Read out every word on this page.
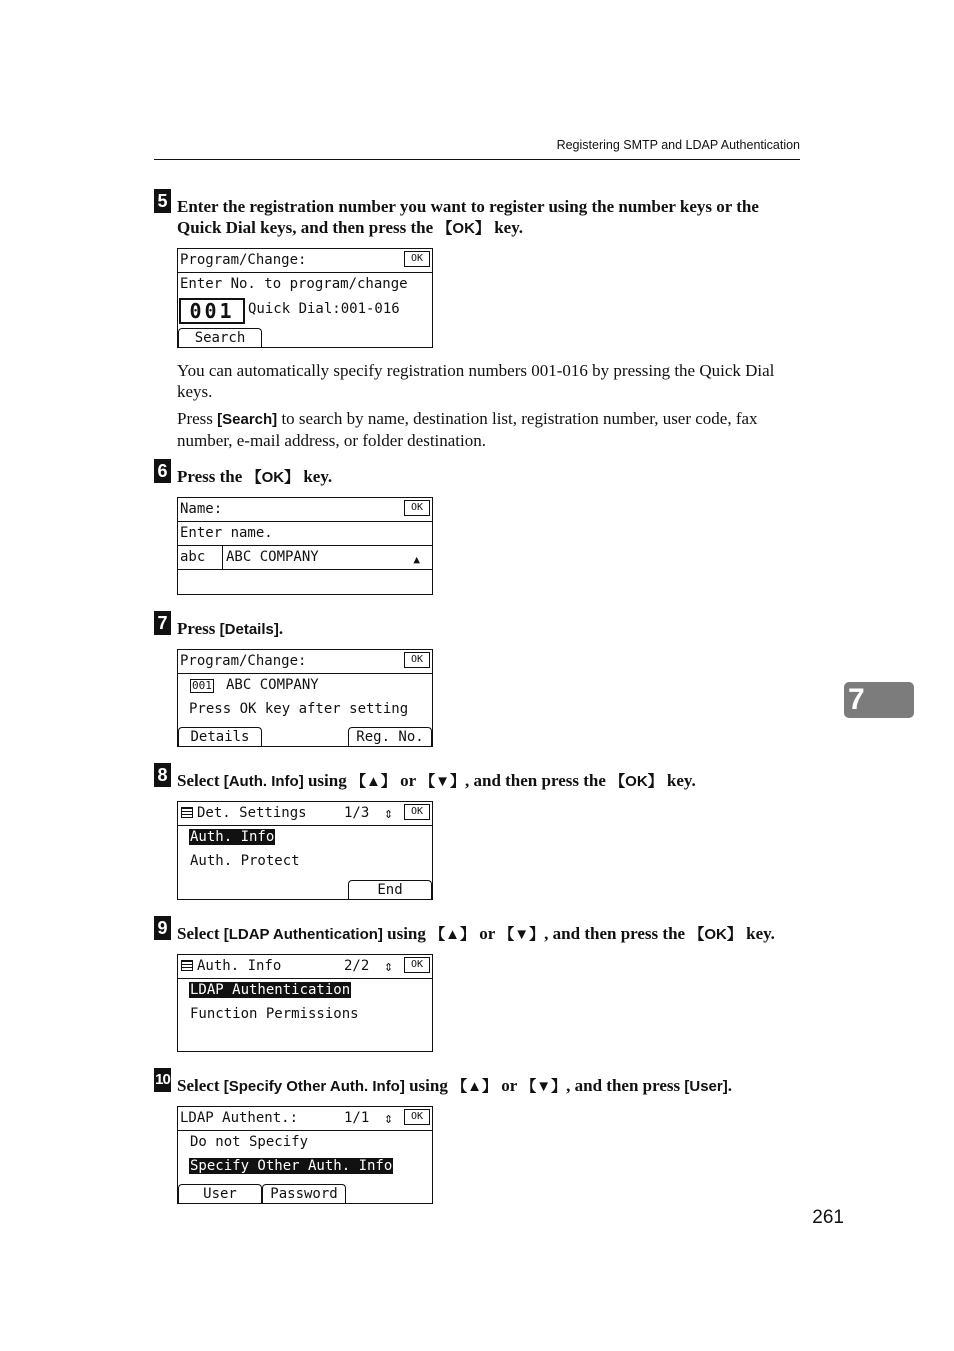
Registering SMTP and LDAP Authentication
5 Enter the registration number you want to register using the number keys or the Quick Dial keys, and then press the 【OK】 key.
Program/Change:	OK
Enter No. to program/change
001 Quick Dial:001-016
Search
You can automatically specify registration numbers 001-016 by pressing the Quick Dial keys.
Press [Search] to search by name, destination list, registration number, user code, fax number, e-mail address, or folder destination.
6 Press the 【OK】 key.
Name:	OK
Enter name.
abc	ABC COMPANY	▲
7 Press [Details].
Program/Change:	OK
001 ABC COMPANY
Press OK key after setting
Details	Reg. No.
8 Select [Auth. Info] using 【▲】 or 【▼】, and then press the 【OK】 key.
Det. Settings	1/3 ⇕	OK
Auth. Info
Auth. Protect
End
9 Select [LDAP Authentication] using 【▲】 or 【▼】, and then press the 【OK】 key.
Auth. Info	2/2 ⇕	OK
LDAP Authentication
Function Permissions
10 Select [Specify Other Auth. Info] using 【▲】 or 【▼】, and then press [User].
LDAP Authent.:	1/1 ⇕	OK
Do not Specify
Specify Other Auth. Info
User	Password
7
261
